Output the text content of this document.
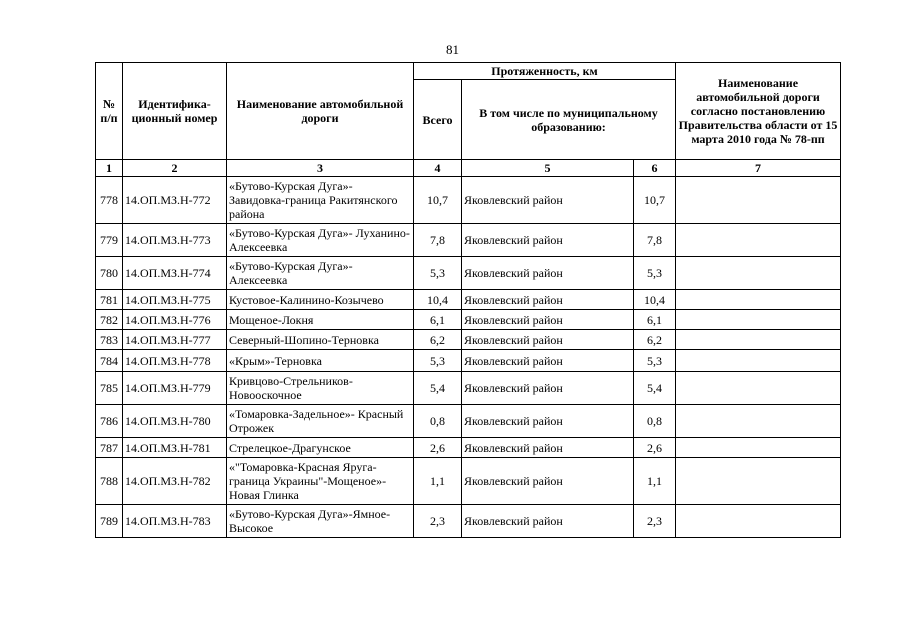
81
№ п/п	Идентифика- ционный номер	Наименование автомобильной дороги	Протяженность, км			Наименование автомобильной дороги согласно постановлению Правительства области от 15 марта 2010 года № 78-пп
			Всего	В том числе по муниципальному образованию:		
1	2	3	4	5	6	7
778	14.ОП.МЗ.Н-772	«Бутово-Курская Дуга»- Завидовка-граница Ракитянского района	10,7	Яковлевский район	10,7	
779	14.ОП.МЗ.Н-773	«Бутово-Курская Дуга»- Луханино-Алексеевка	7,8	Яковлевский район	7,8	
780	14.ОП.МЗ.Н-774	«Бутово-Курская Дуга»- Алексеевка	5,3	Яковлевский район	5,3	
781	14.ОП.МЗ.Н-775	Кустовое-Калинино-Козычево	10,4	Яковлевский район	10,4	
782	14.ОП.МЗ.Н-776	Мощеное-Локня	6,1	Яковлевский район	6,1	
783	14.ОП.МЗ.Н-777	Северный-Шопино-Терновка	6,2	Яковлевский район	6,2	
784	14.ОП.МЗ.Н-778	«Крым»-Терновка	5,3	Яковлевский район	5,3	
785	14.ОП.МЗ.Н-779	Кривцово-Стрельников- Новооскочное	5,4	Яковлевский район	5,4	
786	14.ОП.МЗ.Н-780	«Томаровка-Задельное»- Красный Отрожек	0,8	Яковлевский район	0,8	
787	14.ОП.МЗ.Н-781	Стрелецкое-Драгунское	2,6	Яковлевский район	2,6	
788	14.ОП.МЗ.Н-782	«"Томаровка-Красная Яруга- граница Украины"-Мощеное»- Новая Глинка	1,1	Яковлевский район	1,1	
789	14.ОП.МЗ.Н-783	«Бутово-Курская Дуга»-Ямное- Высокое	2,3	Яковлевский район	2,3	
